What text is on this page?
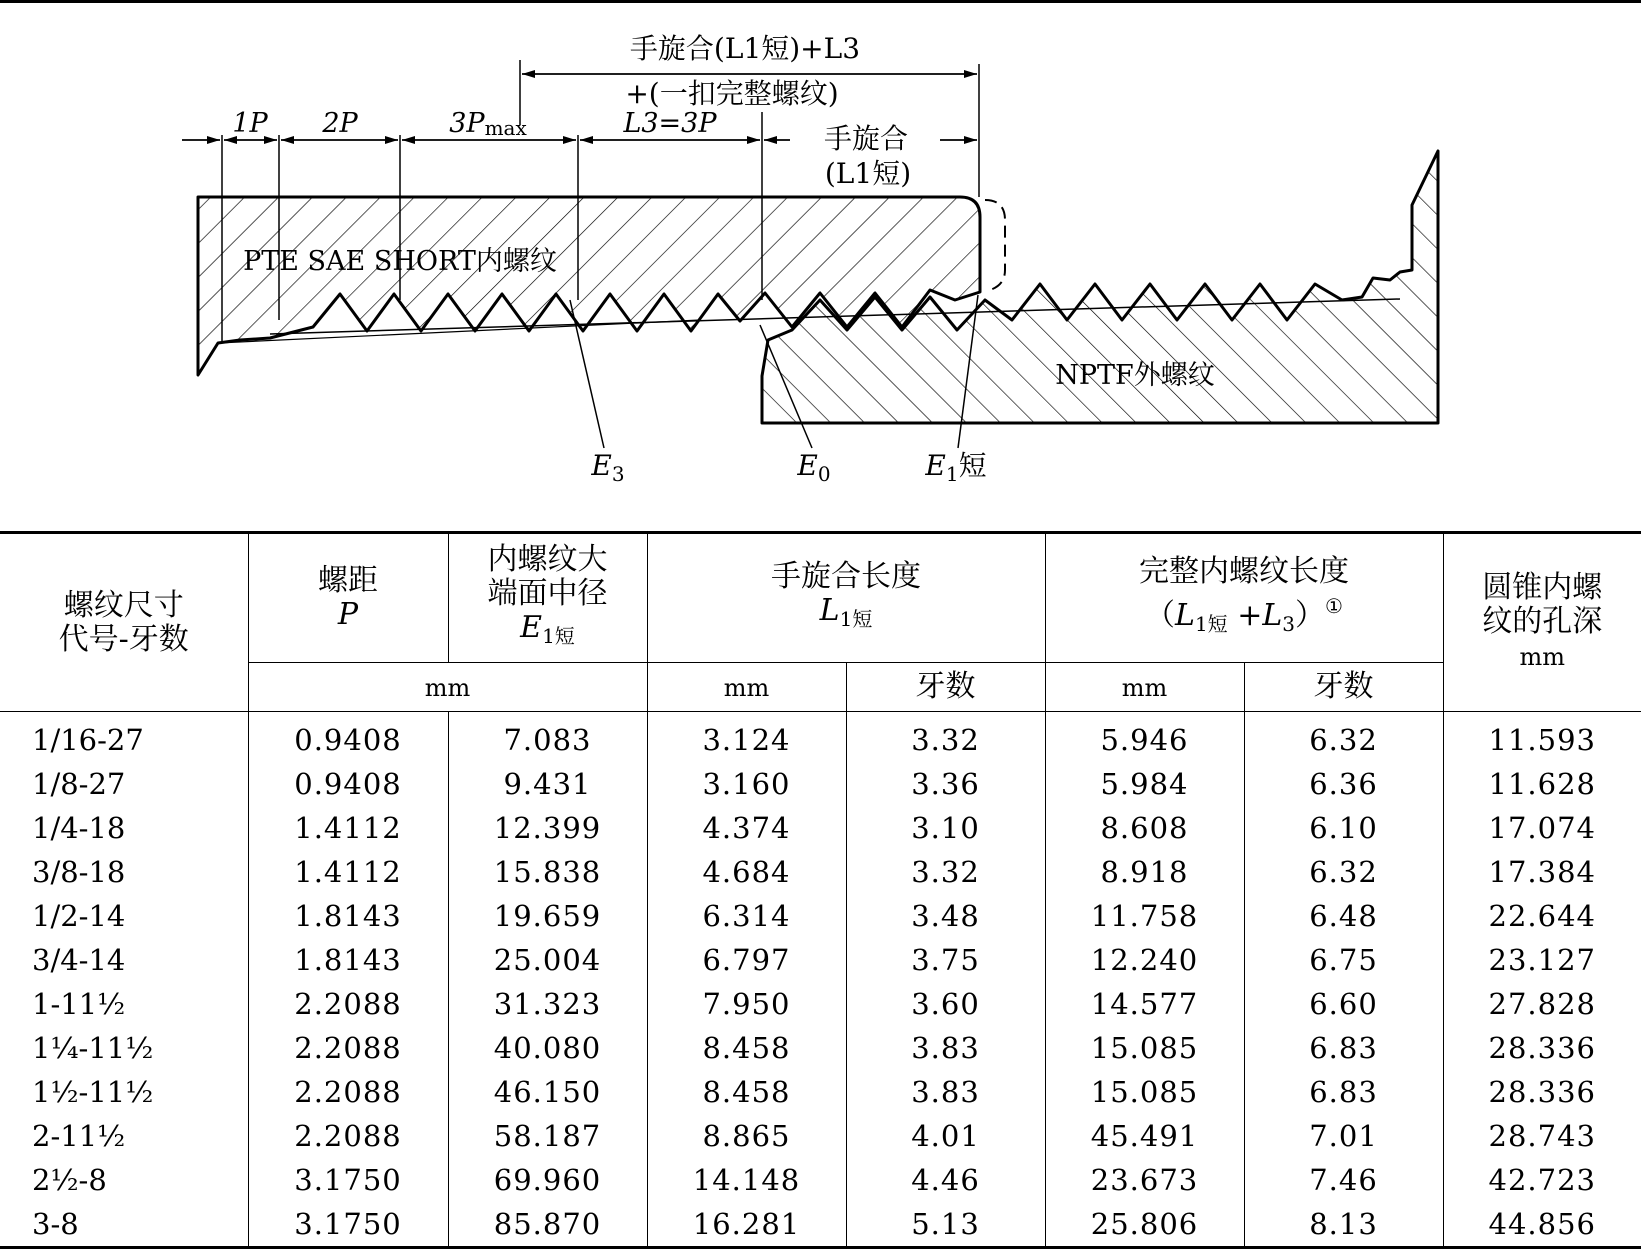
手旋合(L1短)+L3
+(一扣完整螺纹)
1P 2P	3Pmax	L3=3P	手旋合
(L1短)
PTE SAE SHORT内螺纹
NPTF外螺纹
$E_3$	$E_0$	$E_1$短
螺纹尺寸
代号-牙数	螺距
P	内螺纹大
端面中径
$E_{1短}$	手旋合长度
$L_{1短}$		完整内螺纹长度
$(L_{1短} +L_3)^①$		圆锥内螺
纹的孔深
mm
	mm		mm	牙数	mm	牙数	
1/16-27	0.9408	7.083	3.124	3.32	5.946	6.32	11.593
1/8-27	0.9408	9.431	3.160	3.36	5.984	6.36	11.628
1/4-18	1.4112	12.399	4.374	3.10	8.608	6.10	17.074
3/8-18	1.4112	15.838	4.684	3.32	8.918	6.32	17.384
1/2-14	1.8143	19.659	6.314	3.48	11.758	6.48	22.644
3/4-14	1.8143	25.004	6.797	3.75	12.240	6.75	23.127
1-11½	2.2088	31.323	7.950	3.60	14.577	6.60	27.828
1¼-11½	2.2088	40.080	8.458	3.83	15.085	6.83	28.336
1½-11½	2.2088	46.150	8.458	3.83	15.085	6.83	28.336
2-11½	2.2088	58.187	8.865	4.01	45.491	7.01	28.743
2½-8	3.1750	69.960	14.148	4.46	23.673	7.46	42.723
3-8	3.1750	85.870	16.281	5.13	25.806	8.13	44.856
